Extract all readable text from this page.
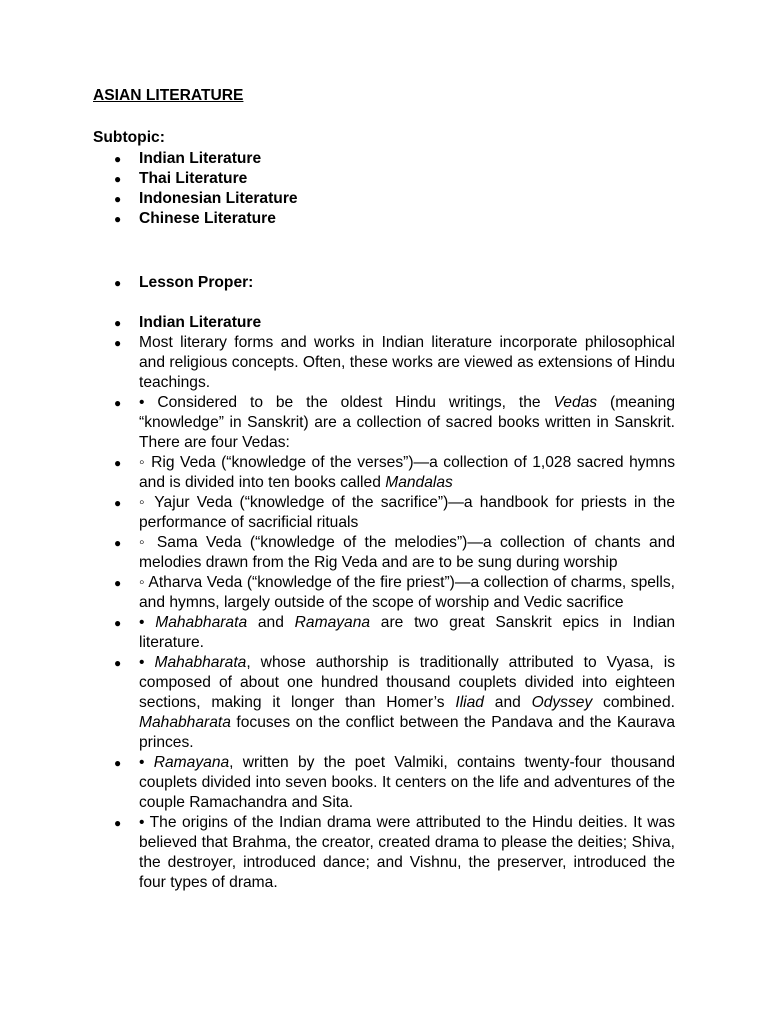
ASIAN LITERATURE
Subtopic:
●	Indian Literature
●	Thai Literature
●	Indonesian Literature
●	Chinese Literature
●	Lesson Proper:
●	Indian Literature
●	Most literary forms and works in Indian literature incorporate philosophical and religious concepts. Often, these works are viewed as extensions of Hindu teachings.
●	• Considered to be the oldest Hindu writings, the Vedas (meaning “knowledge” in Sanskrit) are a collection of sacred books written in Sanskrit. There are four Vedas:
●	◦ Rig Veda (“knowledge of the verses”)—a collection of 1,028 sacred hymns and is divided into ten books called Mandalas
●	◦ Yajur Veda (“knowledge of the sacrifice”)—a handbook for priests in the performance of sacrificial rituals
●	◦ Sama Veda (“knowledge of the melodies”)—a collection of chants and melodies drawn from the Rig Veda and are to be sung during worship
●	◦ Atharva Veda (“knowledge of the fire priest”)—a collection of charms, spells, and hymns, largely outside of the scope of worship and Vedic sacrifice
●	• Mahabharata and Ramayana are two great Sanskrit epics in Indian literature.
●	• Mahabharata, whose authorship is traditionally attributed to Vyasa, is composed of about one hundred thousand couplets divided into eighteen sections, making it longer than Homer’s Iliad and Odyssey combined. Mahabharata focuses on the conflict between the Pandava and the Kaurava princes.
●	• Ramayana, written by the poet Valmiki, contains twenty-four thousand couplets divided into seven books. It centers on the life and adventures of the couple Ramachandra and Sita.
●	• The origins of the Indian drama were attributed to the Hindu deities. It was believed that Brahma, the creator, created drama to please the deities; Shiva, the destroyer, introduced dance; and Vishnu, the preserver, introduced the four types of drama.
